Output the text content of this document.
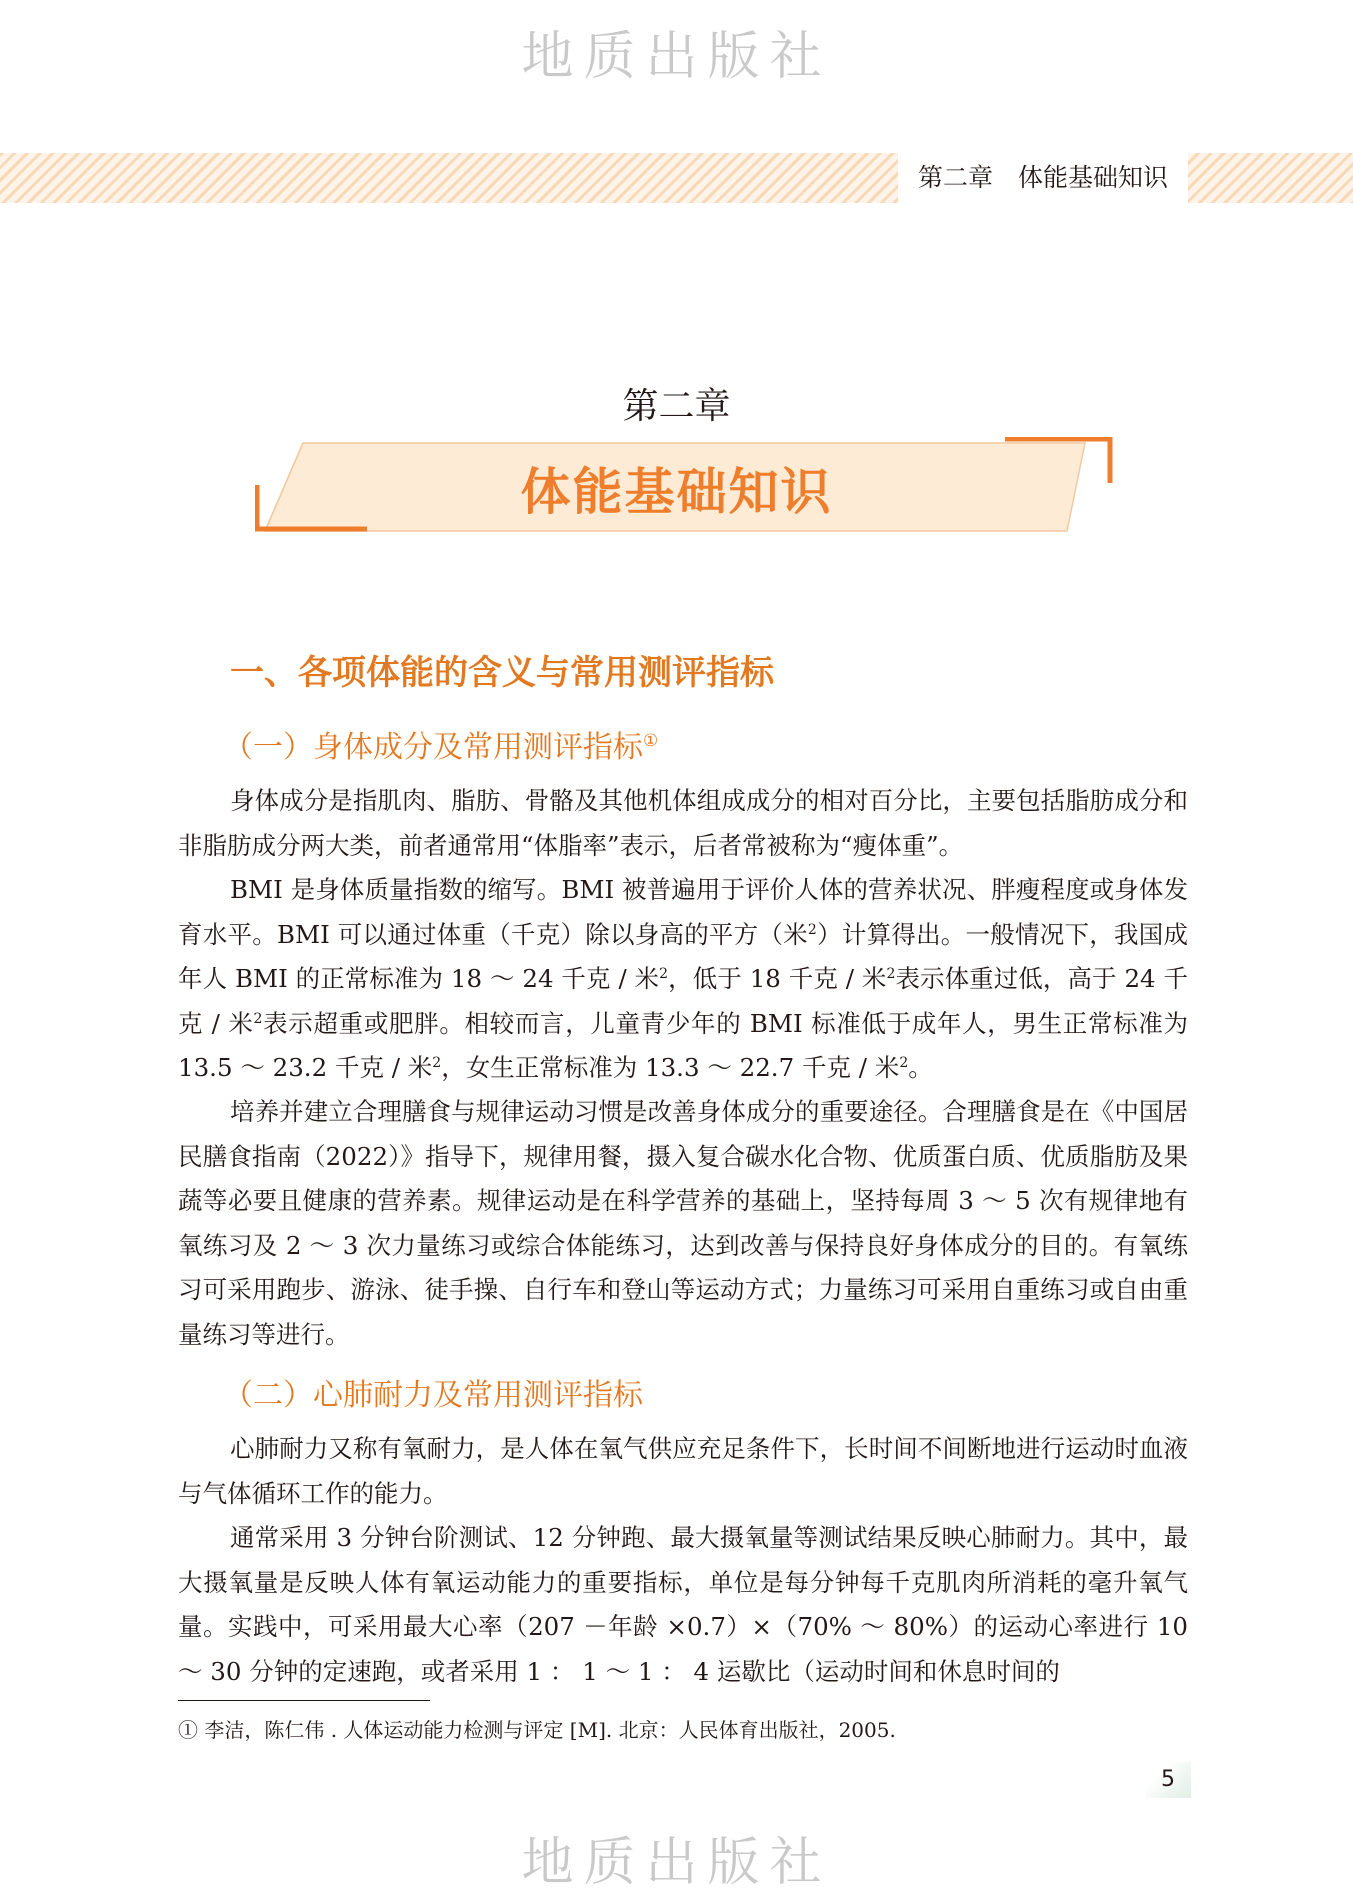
地质出版社
第二章　体能基础知识
第二章
体能基础知识
一、各项体能的含义与常用测评指标
（一）身体成分及常用测评指标①

身体成分是指肌肉、脂肪、骨骼及其他机体组成成分的相对百分比，主要包括脂肪成分和非脂肪成分两大类，前者通常用“体脂率”表示，后者常被称为“瘦体重”。

BMI 是身体质量指数的缩写。BMI 被普遍用于评价人体的营养状况、胖瘦程度或身体发育水平。BMI 可以通过体重（千克）除以身高的平方（米$^2$）计算得出。一般情况下，我国成年人 BMI 的正常标准为 18 ～ 24 千克 / 米$^2$，低于 18 千克 / 米$^2$表示体重过低，高于 24 千克 / 米$^2$表示超重或肥胖。相较而言，儿童青少年的 BMI 标准低于成年人，男生正常标准为 13.5 ～ 23.2 千克 / 米$^2$，女生正常标准为 13.3 ～ 22.7 千克 / 米$^2$。

培养并建立合理膳食与规律运动习惯是改善身体成分的重要途径。合理膳食是在《中国居民膳食指南（2022）》指导下，规律用餐，摄入复合碳水化合物、优质蛋白质、优质脂肪及果蔬等必要且健康的营养素。规律运动是在科学营养的基础上，坚持每周 3 ～ 5 次有规律地有氧练习及 2 ～ 3 次力量练习或综合体能练习，达到改善与保持良好身体成分的目的。有氧练习可采用跑步、游泳、徒手操、自行车和登山等运动方式；力量练习可采用自重练习或自由重量练习等进行。

（二）心肺耐力及常用测评指标

心肺耐力又称有氧耐力，是人体在氧气供应充足条件下，长时间不间断地进行运动时血液与气体循环工作的能力。

通常采用 3 分钟台阶测试、12 分钟跑、最大摄氧量等测试结果反映心肺耐力。其中，最大摄氧量是反映人体有氧运动能力的重要指标，单位是每分钟每千克肌肉所消耗的毫升氧气量。实践中，可采用最大心率（207 －年龄 ×0.7）×（70% ～ 80%）的运动心率进行 10 ～ 30 分钟的定速跑，或者采用 1 ： 1 ～ 1 ： 4 运歇比（运动时间和休息时间的

① 李洁，陈仁伟 . 人体运动能力检测与评定 [M]. 北京：人民体育出版社，2005.
5
地质出版社
